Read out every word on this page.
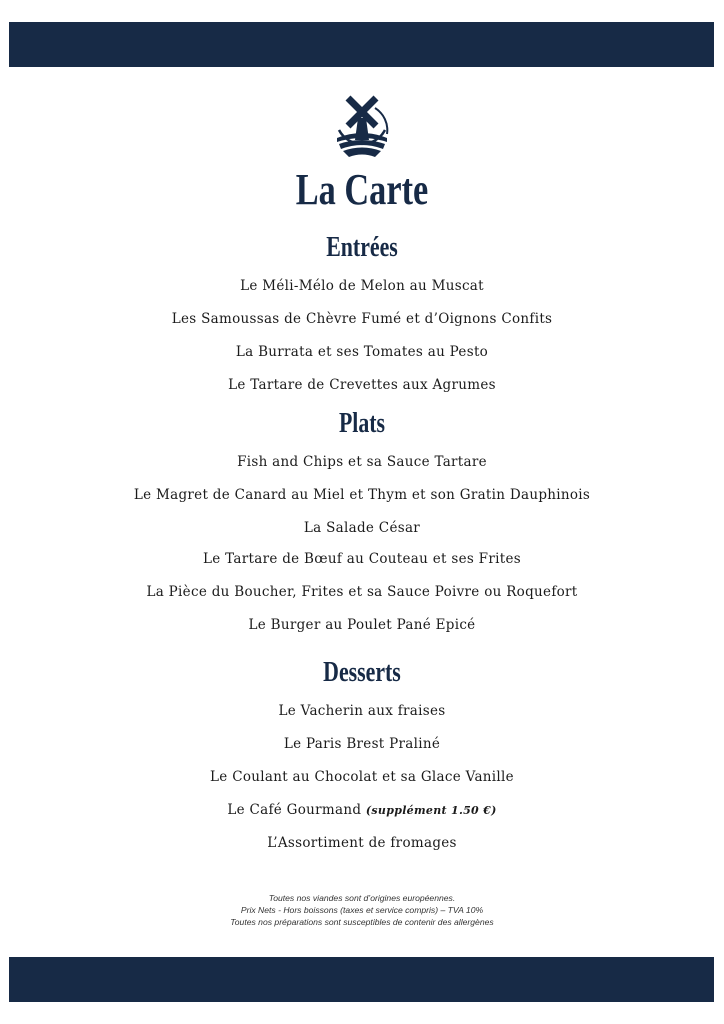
La Carte
Entrées
Le Méli-Mélo de Melon au Muscat
Les Samoussas de Chèvre Fumé et d’Oignons Confits
La Burrata et ses Tomates au Pesto
Le Tartare de Crevettes aux Agrumes
Plats
Fish and Chips et sa Sauce Tartare
Le Magret de Canard au Miel et Thym et son Gratin Dauphinois
La Salade César
Le Tartare de Bœuf au Couteau et ses Frites
La Pièce du Boucher, Frites et sa Sauce Poivre ou Roquefort
Le Burger au Poulet Pané Epicé
Desserts
Le Vacherin aux fraises
Le Paris Brest Praliné
Le Coulant au Chocolat et sa Glace Vanille
Le Café Gourmand (supplément 1.50 €)
L’Assortiment de fromages
Toutes nos viandes sont d’origines européennes.
Prix Nets - Hors boissons (taxes et service compris) – TVA 10%
Toutes nos préparations sont susceptibles de contenir des allergènes
